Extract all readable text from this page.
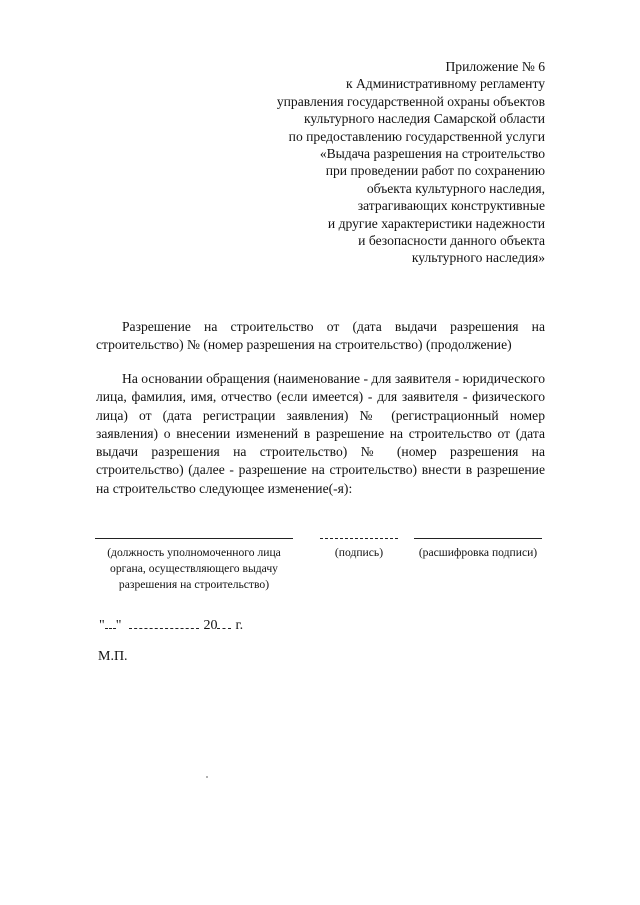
Приложение № 6
к Административному регламенту
управления государственной охраны объектов
культурного наследия Самарской области
по предоставлению государственной услуги
«Выдача разрешения на строительство
при проведении работ по сохранению
объекта культурного наследия,
затрагивающих конструктивные
и другие характеристики надежности
и безопасности данного объекта
культурного наследия»

Разрешение на строительство от (дата выдачи разрешения на строительство) № (номер разрешения на строительство) (продолжение)

На основании обращения (наименование - для заявителя - юридического лица, фамилия, имя, отчество (если имеется) - для заявителя - физического лица) от (дата регистрации заявления) № (регистрационный номер заявления) о внесении изменений в разрешение на строительство от (дата выдачи разрешения на строительство) № (номер разрешения на строительство) (далее - разрешение на строительство) внести в разрешение на строительство следующее изменение(-я):

(должность уполномоченного лица
органа, осуществляющего выдачу
разрешения на строительство)
(подпись)	(расшифровка подписи)
" "	20 г.
М.П.
